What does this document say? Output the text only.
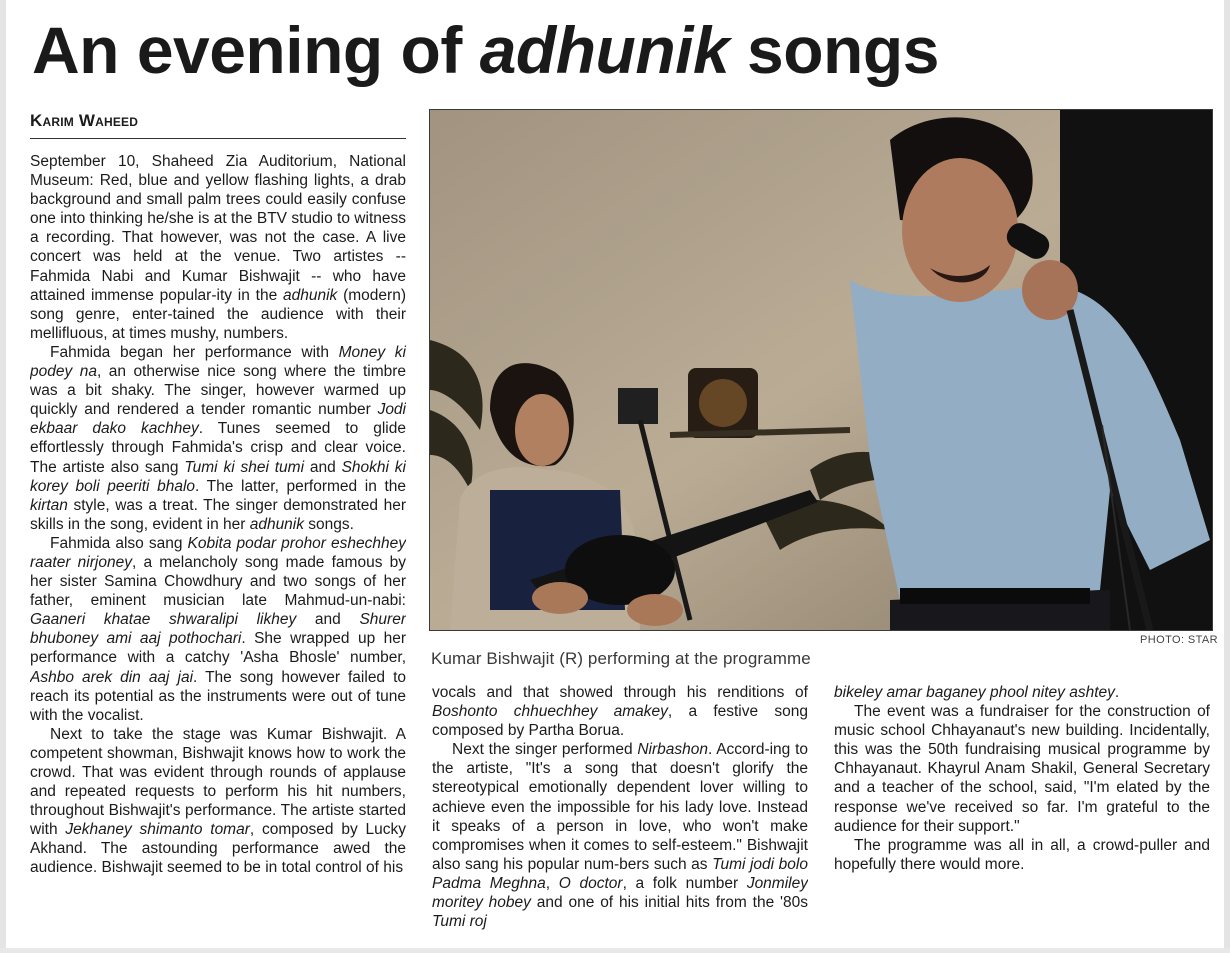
An evening of adhunik songs
Karim Waheed

September 10, Shaheed Zia Auditorium, National Museum: Red, blue and yellow flashing lights, a drab background and small palm trees could easily confuse one into thinking he/she is at the BTV studio to witness a recording. That however, was not the case. A live concert was held at the venue. Two artistes -- Fahmida Nabi and Kumar Bishwajit -- who have attained immense popular-ity in the adhunik (modern) song genre, enter-tained the audience with their mellifluous, at times mushy, numbers.

Fahmida began her performance with Money ki podey na, an otherwise nice song where the timbre was a bit shaky. The singer, however warmed up quickly and rendered a tender romantic number Jodi ekbaar dako kachhey. Tunes seemed to glide effortlessly through Fahmida's crisp and clear voice. The artiste also sang Tumi ki shei tumi and Shokhi ki korey boli peeriti bhalo. The latter, performed in the kirtan style, was a treat. The singer demonstrated her skills in the song, evident in her adhunik songs.

Fahmida also sang Kobita podar prohor eshechhey raater nirjoney, a melancholy song made famous by her sister Samina Chowdhury and two songs of her father, eminent musician late Mahmud-un-nabi: Gaaneri khatae shwaralipi likhey and Shurer bhuboney ami aaj pothochari. She wrapped up her performance with a catchy 'Asha Bhosle' number, Ashbo arek din aaj jai. The song however failed to reach its potential as the instruments were out of tune with the vocalist.

Next to take the stage was Kumar Bishwajit. A competent showman, Bishwajit knows how to work the crowd. That was evident through rounds of applause and repeated requests to perform his hit numbers, throughout Bishwajit's performance. The artiste started with Jekhaney shimanto tomar, composed by Lucky Akhand. The astounding performance awed the audience. Bishwajit seemed to be in total control of his

PHOTO: STAR
Kumar Bishwajit (R) performing at the programme

vocals and that showed through his renditions of Boshonto chhuechhey amakey, a festive song composed by Partha Borua.

Next the singer performed Nirbashon. Accord-ing to the artiste, "It's a song that doesn't glorify the stereotypical emotionally dependent lover willing to achieve even the impossible for his lady love. Instead it speaks of a person in love, who won't make compromises when it comes to self-esteem." Bishwajit also sang his popular num-bers such as Tumi jodi bolo Padma Meghna, O doctor, a folk number Jonmiley moritey hobey and one of his initial hits from the '80s Tumi roj

bikeley amar baganey phool nitey ashtey.

The event was a fundraiser for the construction of music school Chhayanaut's new building. Incidentally, this was the 50th fundraising musical programme by Chhayanaut. Khayrul Anam Shakil, General Secretary and a teacher of the school, said, "I'm elated by the response we've received so far. I'm grateful to the audience for their support."

The programme was all in all, a crowd-puller and hopefully there would more.
